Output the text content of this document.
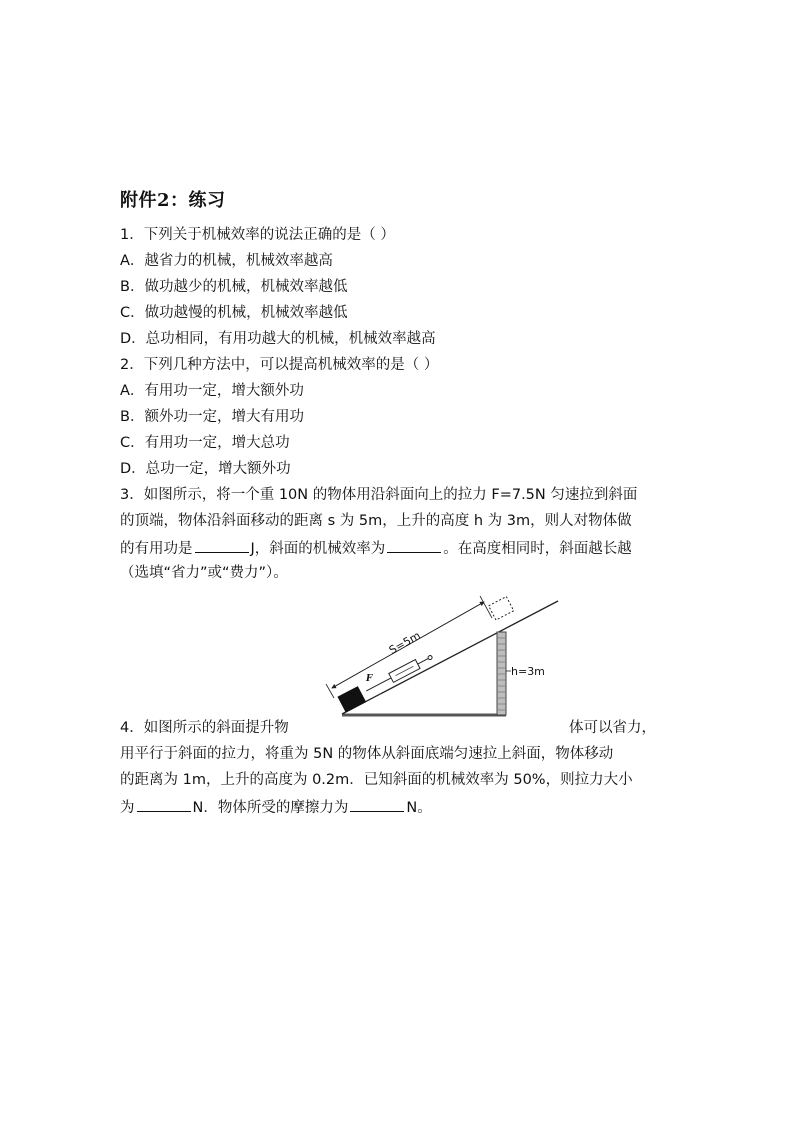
附件2：练习
1．下列关于机械效率的说法正确的是（ ）
A．越省力的机械，机械效率越高
B．做功越少的机械，机械效率越低
C．做功越慢的机械，机械效率越低
D．总功相同，有用功越大的机械，机械效率越高
2．下列几种方法中，可以提高机械效率的是（ ）
A．有用功一定，增大额外功
B．额外功一定，增大有用功
C．有用功一定，增大总功
D．总功一定，增大额外功
3．如图所示，将一个重 10N 的物体用沿斜面向上的拉力 F=7.5N 匀速拉到斜面
的顶端，物体沿斜面移动的距离 s 为 5m，上升的高度 h 为 3m，则人对物体做
的有用功是	J，斜面的机械效率为	。在高度相同时，斜面越长越
（选填“省力”或“费力”）。
F
S=5m
h=3m
4．如图所示的斜面提升物	体可以省力，
用平行于斜面的拉力，将重为 5N 的物体从斜面底端匀速拉上斜面，物体移动
的距离为 1m，上升的高度为 0.2m．已知斜面的机械效率为 50%，则拉力大小
为	N．物体所受的摩擦力为	N。
